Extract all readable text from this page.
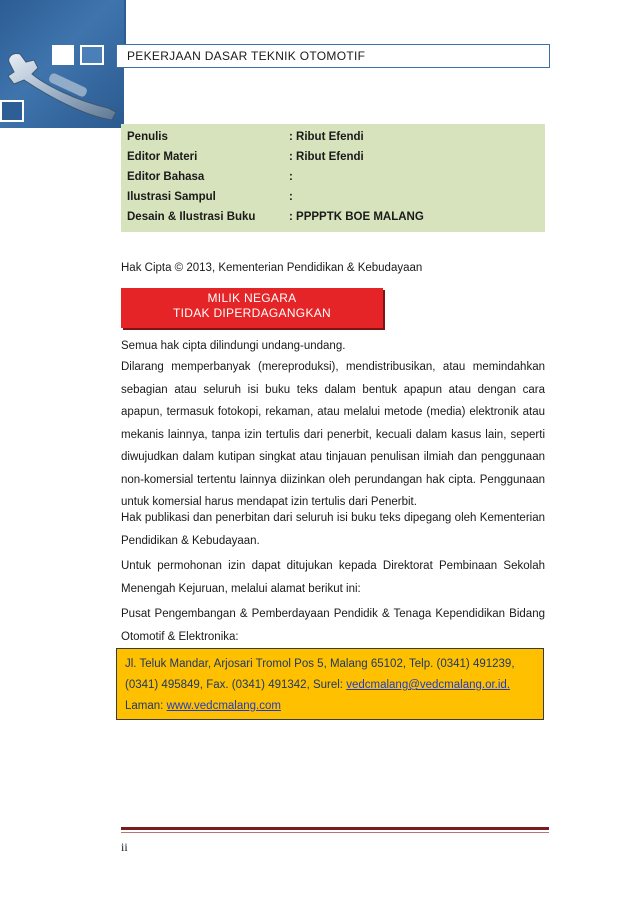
PEKERJAAN DASAR TEKNIK OTOMOTIF
Penulis	: Ribut Efendi
Editor Materi	: Ribut Efendi
Editor Bahasa	:
Ilustrasi Sampul	:
Desain & Ilustrasi Buku	: PPPPTK BOE MALANG
Hak Cipta © 2013, Kementerian Pendidikan & Kebudayaan
MILIK NEGARA
TIDAK DIPERDAGANGKAN
Semua hak cipta dilindungi undang-undang.
Dilarang memperbanyak (mereproduksi), mendistribusikan, atau memindahkan sebagian atau seluruh isi buku teks dalam bentuk apapun atau dengan cara apapun, termasuk fotokopi, rekaman, atau melalui metode (media) elektronik atau mekanis lainnya, tanpa izin tertulis dari penerbit, kecuali dalam kasus lain, seperti diwujudkan dalam kutipan singkat atau tinjauan penulisan ilmiah dan penggunaan non-komersial tertentu lainnya diizinkan oleh perundangan hak cipta. Penggunaan untuk komersial harus mendapat izin tertulis dari Penerbit.
Hak publikasi dan penerbitan dari seluruh isi buku teks dipegang oleh Kementerian Pendidikan & Kebudayaan.
Untuk permohonan izin dapat ditujukan kepada Direktorat Pembinaan Sekolah Menengah Kejuruan, melalui alamat berikut ini:
Pusat Pengembangan & Pemberdayaan Pendidik & Tenaga Kependidikan Bidang Otomotif & Elektronika:
Jl. Teluk Mandar, Arjosari Tromol Pos 5, Malang 65102, Telp. (0341) 491239,
(0341) 495849, Fax. (0341) 491342, Surel: vedcmalang@vedcmalang.or.id.
Laman: www.vedcmalang.com
ii
